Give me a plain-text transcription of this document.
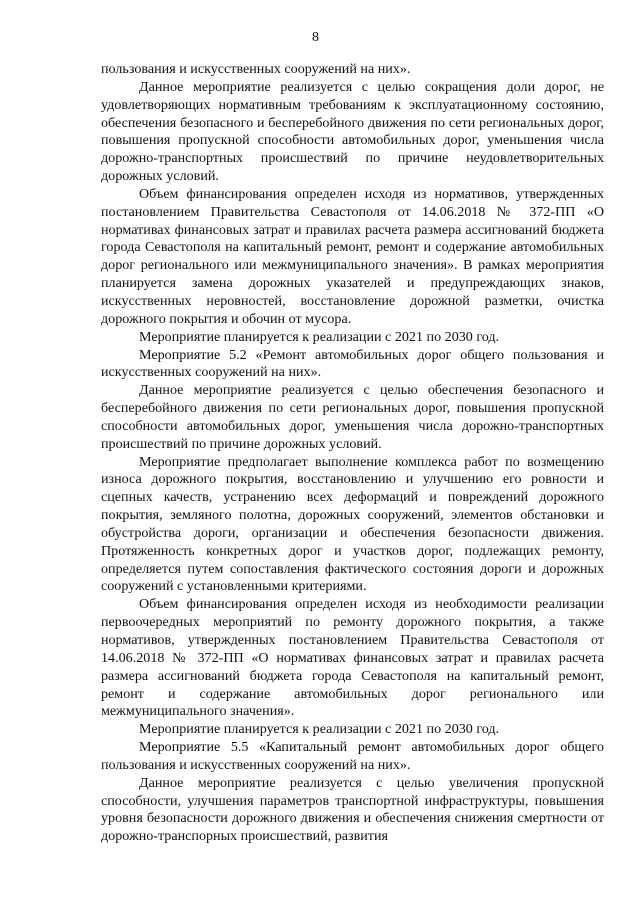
8

пользования и искусственных сооружений на них».

Данное мероприятие реализуется с целью сокращения доли дорог, не удовлетворяющих нормативным требованиям к эксплуатационному состоянию, обеспечения безопасного и бесперебойного движения по сети региональных дорог, повышения пропускной способности автомобильных дорог, уменьшения числа дорожно-транспортных происшествий по причине неудовлетворительных дорожных условий.

Объем финансирования определен исходя из нормативов, утвержденных постановлением Правительства Севастополя от 14.06.2018 № 372-ПП «О нормативах финансовых затрат и правилах расчета размера ассигнований бюджета города Севастополя на капитальный ремонт, ремонт и содержание автомобильных дорог регионального или межмуниципального значения». В рамках мероприятия планируется замена дорожных указателей и предупреждающих знаков, искусственных неровностей, восстановление дорожной разметки, очистка дорожного покрытия и обочин от мусора.

Мероприятие планируется к реализации с 2021 по 2030 год.

Мероприятие 5.2 «Ремонт автомобильных дорог общего пользования и искусственных сооружений на них».

Данное мероприятие реализуется с целью обеспечения безопасного и бесперебойного движения по сети региональных дорог, повышения пропускной способности автомобильных дорог, уменьшения числа дорожно-транспортных происшествий по причине дорожных условий.

Мероприятие предполагает выполнение комплекса работ по возмещению износа дорожного покрытия, восстановлению и улучшению его ровности и сцепных качеств, устранению всех деформаций и повреждений дорожного покрытия, земляного полотна, дорожных сооружений, элементов обстановки и обустройства дороги, организации и обеспечения безопасности движения. Протяженность конкретных дорог и участков дорог, подлежащих ремонту, определяется путем сопоставления фактического состояния дороги и дорожных сооружений с установленными критериями.

Объем финансирования определен исходя из необходимости реализации первоочередных мероприятий по ремонту дорожного покрытия, а также нормативов, утвержденных постановлением Правительства Севастополя от 14.06.2018 № 372-ПП «О нормативах финансовых затрат и правилах расчета размера ассигнований бюджета города Севастополя на капитальный ремонт, ремонт и содержание автомобильных дорог регионального или межмуниципального значения».

Мероприятие планируется к реализации с 2021 по 2030 год.

Мероприятие 5.5 «Капитальный ремонт автомобильных дорог общего пользования и искусственных сооружений на них».

Данное мероприятие реализуется с целью увеличения пропускной способности, улучшения параметров транспортной инфраструктуры, повышения уровня безопасности дорожного движения и обеспечения снижения смертности от дорожно-транспорных происшествий, развития
